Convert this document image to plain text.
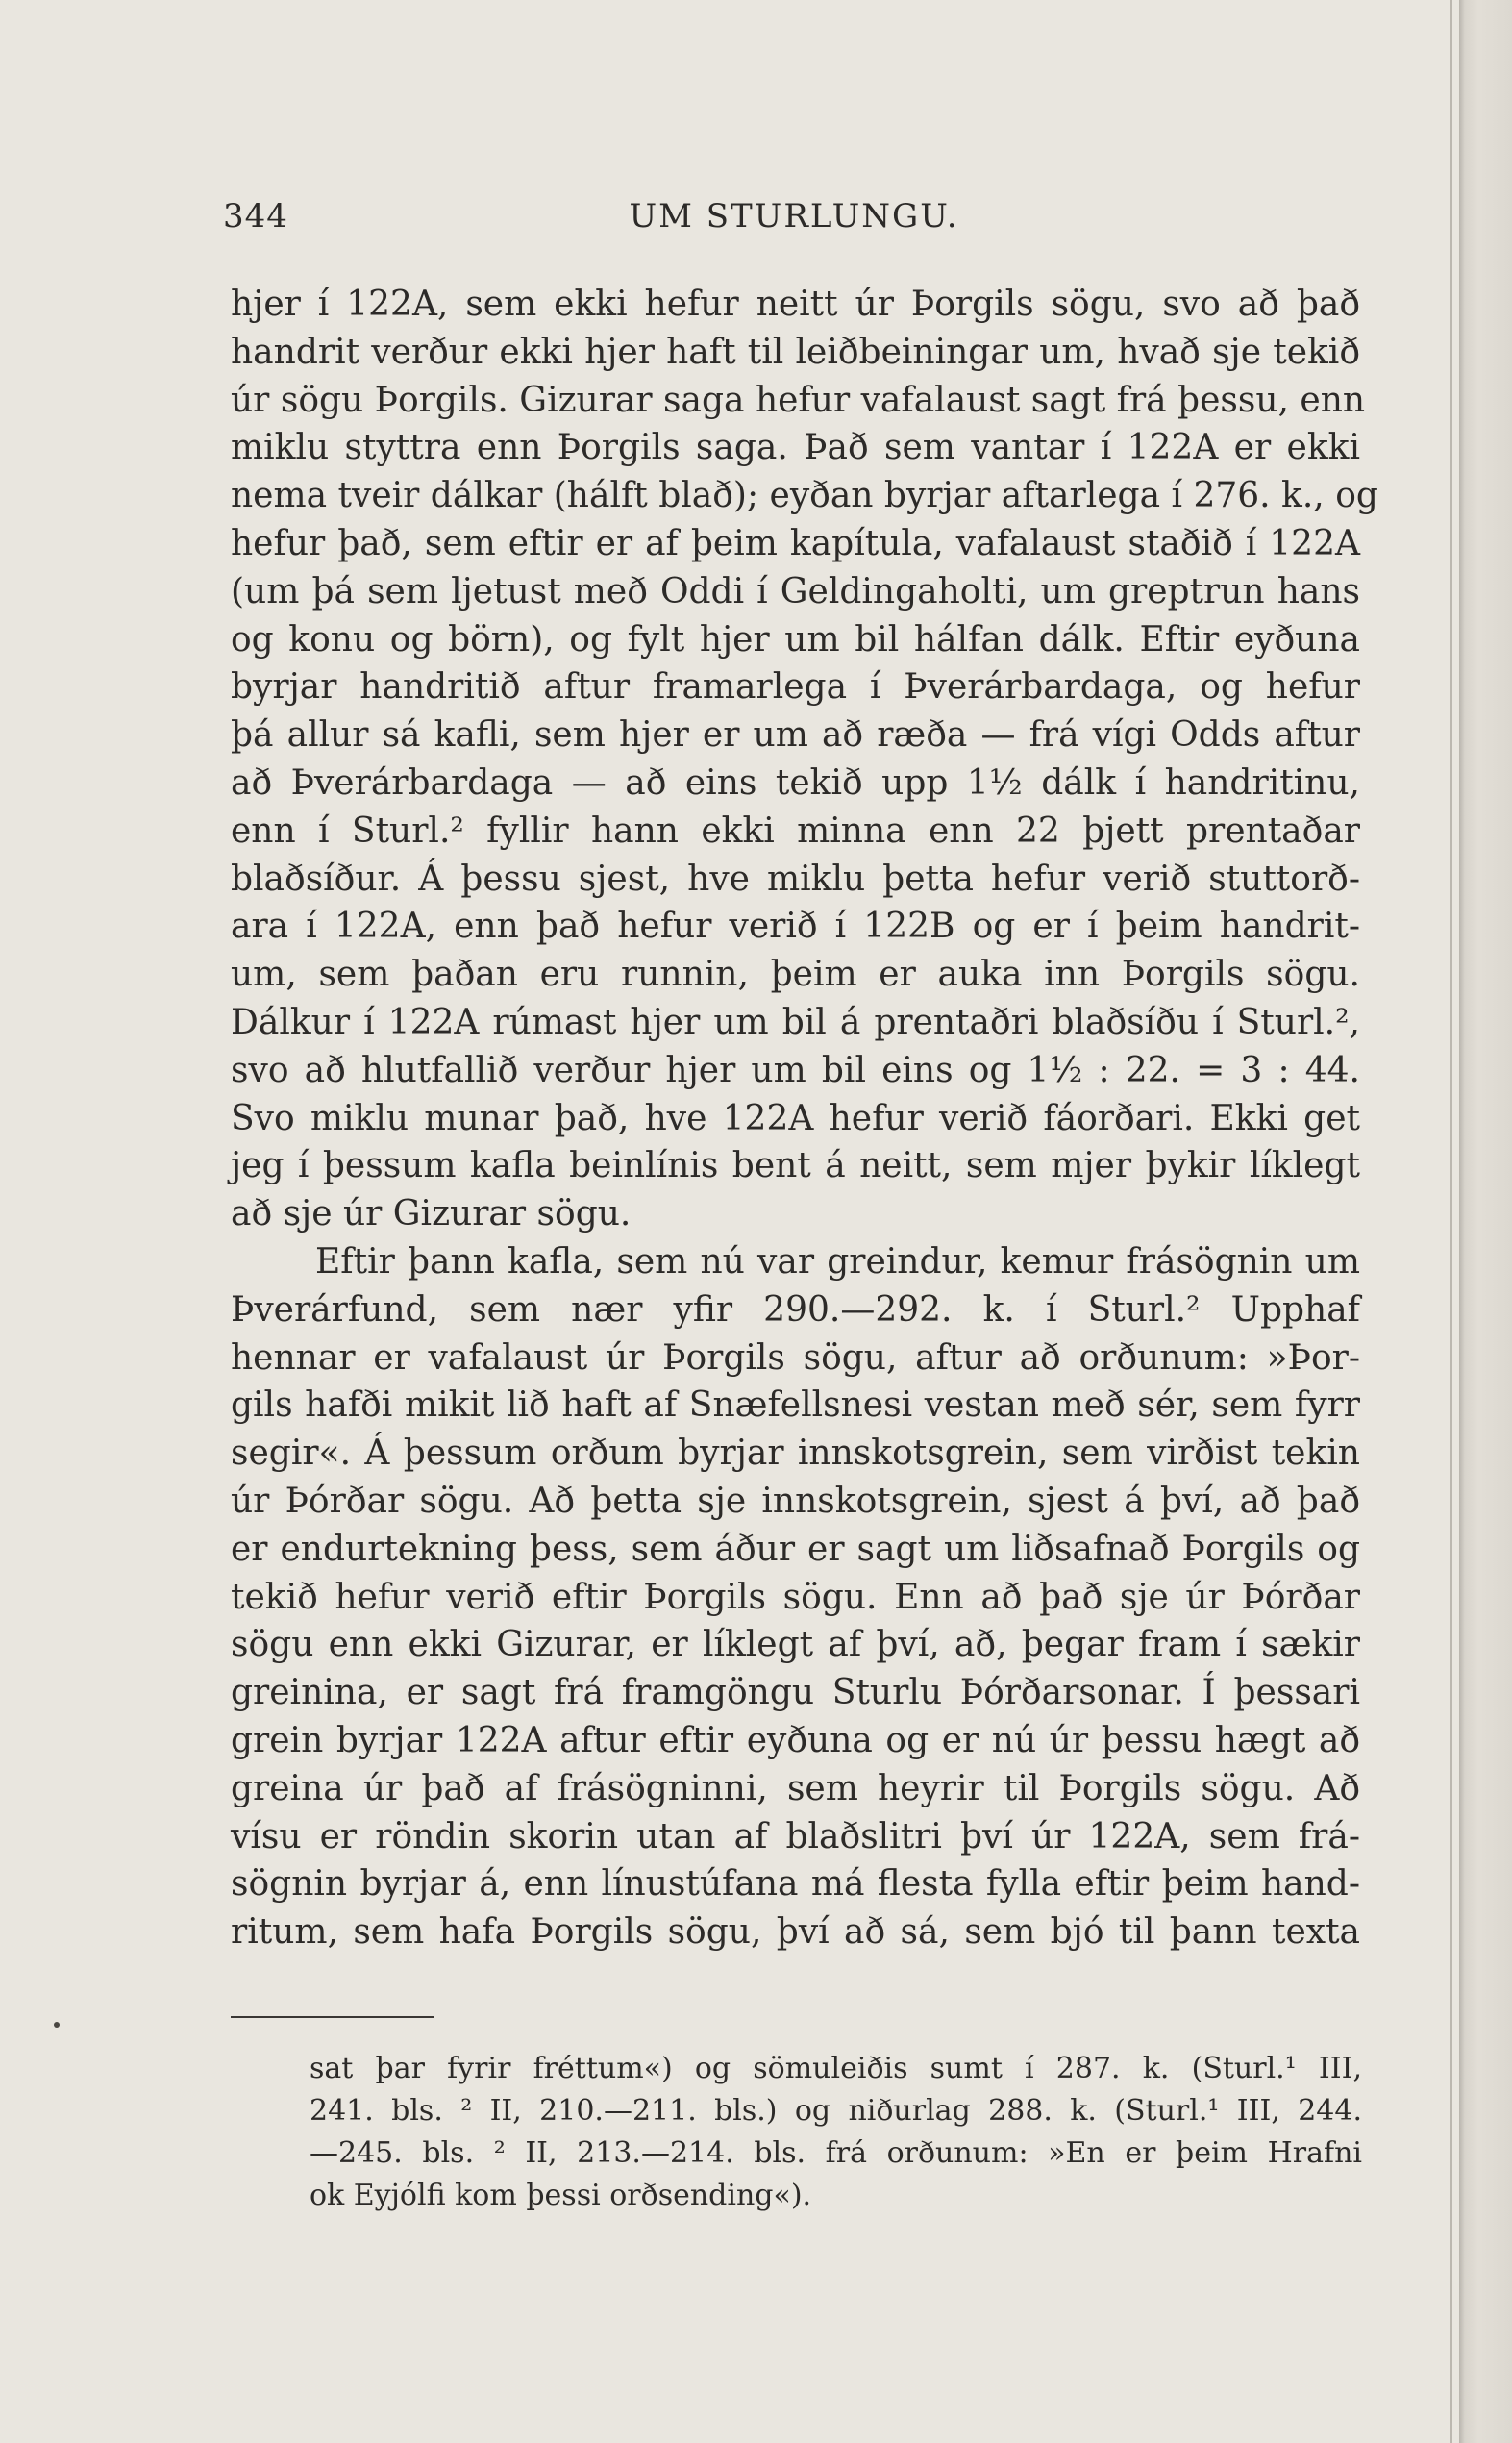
344	UM STURLUNGU.
hjer í 122A, sem ekki hefur neitt úr Þorgils sögu, svo að það
handrit verður ekki hjer haft til leiðbeiningar um, hvað sje tekið
úr sögu Þorgils. Gizurar saga hefur vafalaust sagt frá þessu, enn
miklu styttra enn Þorgils saga. Það sem vantar í 122A er ekki
nema tveir dálkar (hálft blað); eyðan byrjar aftarlega í 276. k., og
hefur það, sem eftir er af þeim kapítula, vafalaust staðið í 122A
(um þá sem ljetust með Oddi í Geldingaholti, um greptrun hans
og konu og börn), og fylt hjer um bil hálfan dálk. Eftir eyðuna
byrjar handritið aftur framarlega í Þverárbardaga, og hefur
þá allur sá kafli, sem hjer er um að ræða — frá vígi Odds aftur
að Þverárbardaga — að eins tekið upp 1½ dálk í handritinu,
enn í Sturl.² fyllir hann ekki minna enn 22 þjett prentaðar
blaðsíður. Á þessu sjest, hve miklu þetta hefur verið stuttorð-
ara í 122A, enn það hefur verið í 122B og er í þeim handrit-
um, sem þaðan eru runnin, þeim er auka inn Þorgils sögu.
Dálkur í 122A rúmast hjer um bil á prentaðri blaðsíðu í Sturl.²,
svo að hlutfallið verður hjer um bil eins og 1½ : 22. = 3 : 44.
Svo miklu munar það, hve 122A hefur verið fáorðari. Ekki get
jeg í þessum kafla beinlínis bent á neitt, sem mjer þykir líklegt
að sje úr Gizurar sögu.
Eftir þann kafla, sem nú var greindur, kemur frásögnin um
Þverárfund, sem nær yfir 290.—292. k. í Sturl.² Upphaf
hennar er vafalaust úr Þorgils sögu, aftur að orðunum: »Þor-
gils hafði mikit lið haft af Snæfellsnesi vestan með sér, sem fyrr
segir«. Á þessum orðum byrjar innskotsgrein, sem virðist tekin
úr Þórðar sögu. Að þetta sje innskotsgrein, sjest á því, að það
er endurtekning þess, sem áður er sagt um liðsafnað Þorgils og
tekið hefur verið eftir Þorgils sögu. Enn að það sje úr Þórðar
sögu enn ekki Gizurar, er líklegt af því, að, þegar fram í sækir
greinina, er sagt frá framgöngu Sturlu Þórðarsonar. Í þessari
grein byrjar 122A aftur eftir eyðuna og er nú úr þessu hægt að
greina úr það af frásögninni, sem heyrir til Þorgils sögu. Að
vísu er röndin skorin utan af blaðslitri því úr 122A, sem frá-
sögnin byrjar á, enn línustúfana má flesta fylla eftir þeim hand-
ritum, sem hafa Þorgils sögu, því að sá, sem bjó til þann texta
sat þar fyrir fréttum«) og sömuleiðis sumt í 287. k. (Sturl.¹ III,
241. bls. ² II, 210.—211. bls.) og niðurlag 288. k. (Sturl.¹ III, 244.
—245. bls. ² II, 213.—214. bls. frá orðunum: »En er þeim Hrafni
ok Eyjólfi kom þessi orðsending«).
